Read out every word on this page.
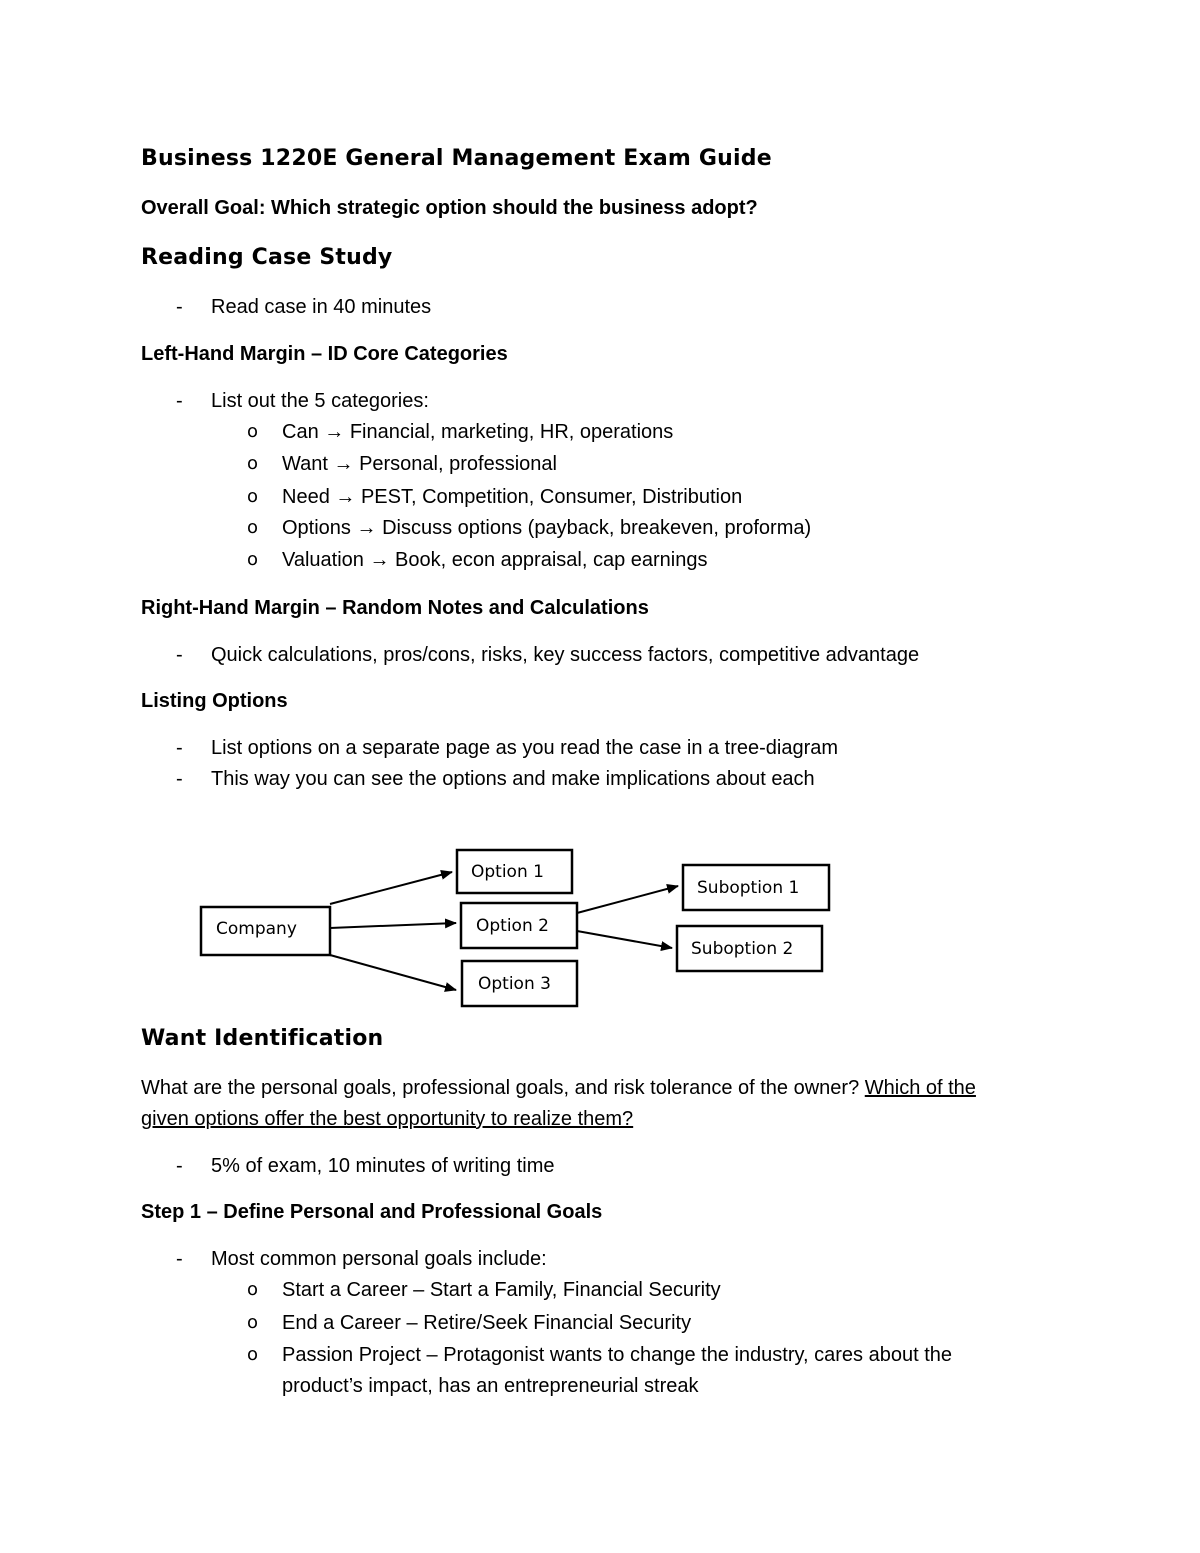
Business 1220E General Management Exam Guide
Overall Goal: Which strategic option should the business adopt?
Reading Case Study
- Read case in 40 minutes
Left-Hand Margin – ID Core Categories
- List out the 5 categories:
o Can → Financial, marketing, HR, operations
o Want → Personal, professional
o Need → PEST, Competition, Consumer, Distribution
o Options → Discuss options (payback, breakeven, proforma)
o Valuation → Book, econ appraisal, cap earnings
Right-Hand Margin – Random Notes and Calculations
- Quick calculations, pros/cons, risks, key success factors, competitive advantage
Listing Options
- List options on a separate page as you read the case in a tree-diagram
- This way you can see the options and make implications about each
Company
Option 1
Option 2
Option 3
Suboption 1
Suboption 2
Want Identification
What are the personal goals, professional goals, and risk tolerance of the owner? Which of the
given options offer the best opportunity to realize them?
- 5% of exam, 10 minutes of writing time
Step 1 – Define Personal and Professional Goals
- Most common personal goals include:
o Start a Career – Start a Family, Financial Security
o End a Career – Retire/Seek Financial Security
o Passion Project – Protagonist wants to change the industry, cares about the
product’s impact, has an entrepreneurial streak
